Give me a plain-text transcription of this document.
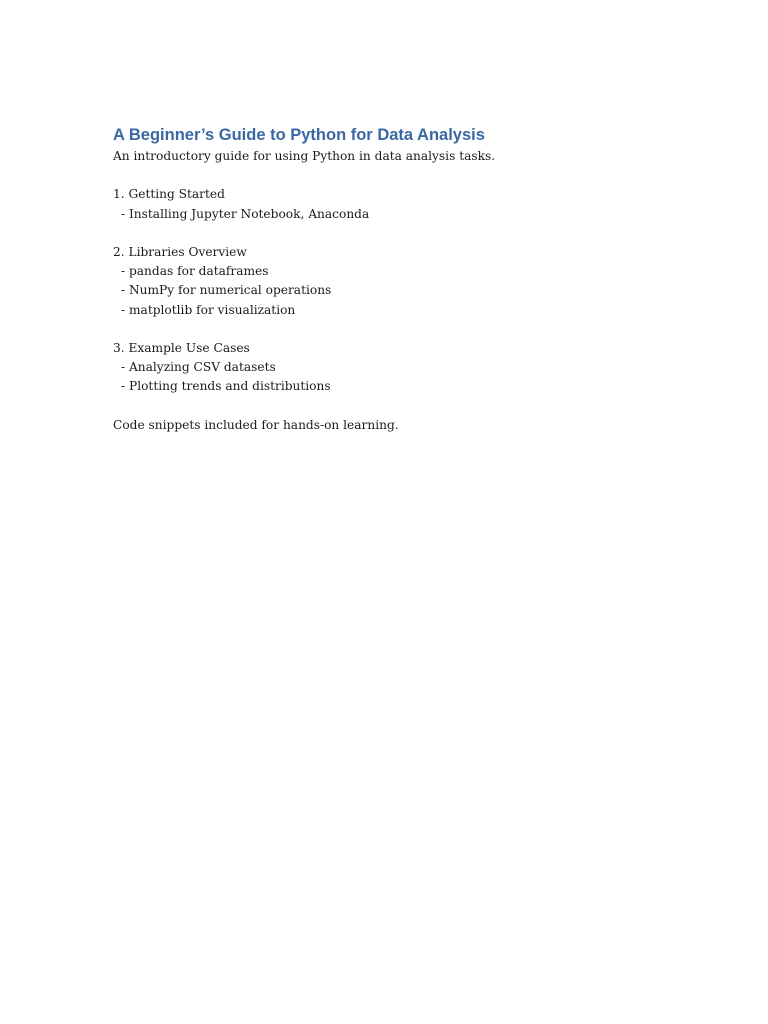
A Beginner’s Guide to Python for Data Analysis
An introductory guide for using Python in data analysis tasks.
1. Getting Started
- Installing Jupyter Notebook, Anaconda
2. Libraries Overview
- pandas for dataframes
- NumPy for numerical operations
- matplotlib for visualization
3. Example Use Cases
- Analyzing CSV datasets
- Plotting trends and distributions
Code snippets included for hands-on learning.
